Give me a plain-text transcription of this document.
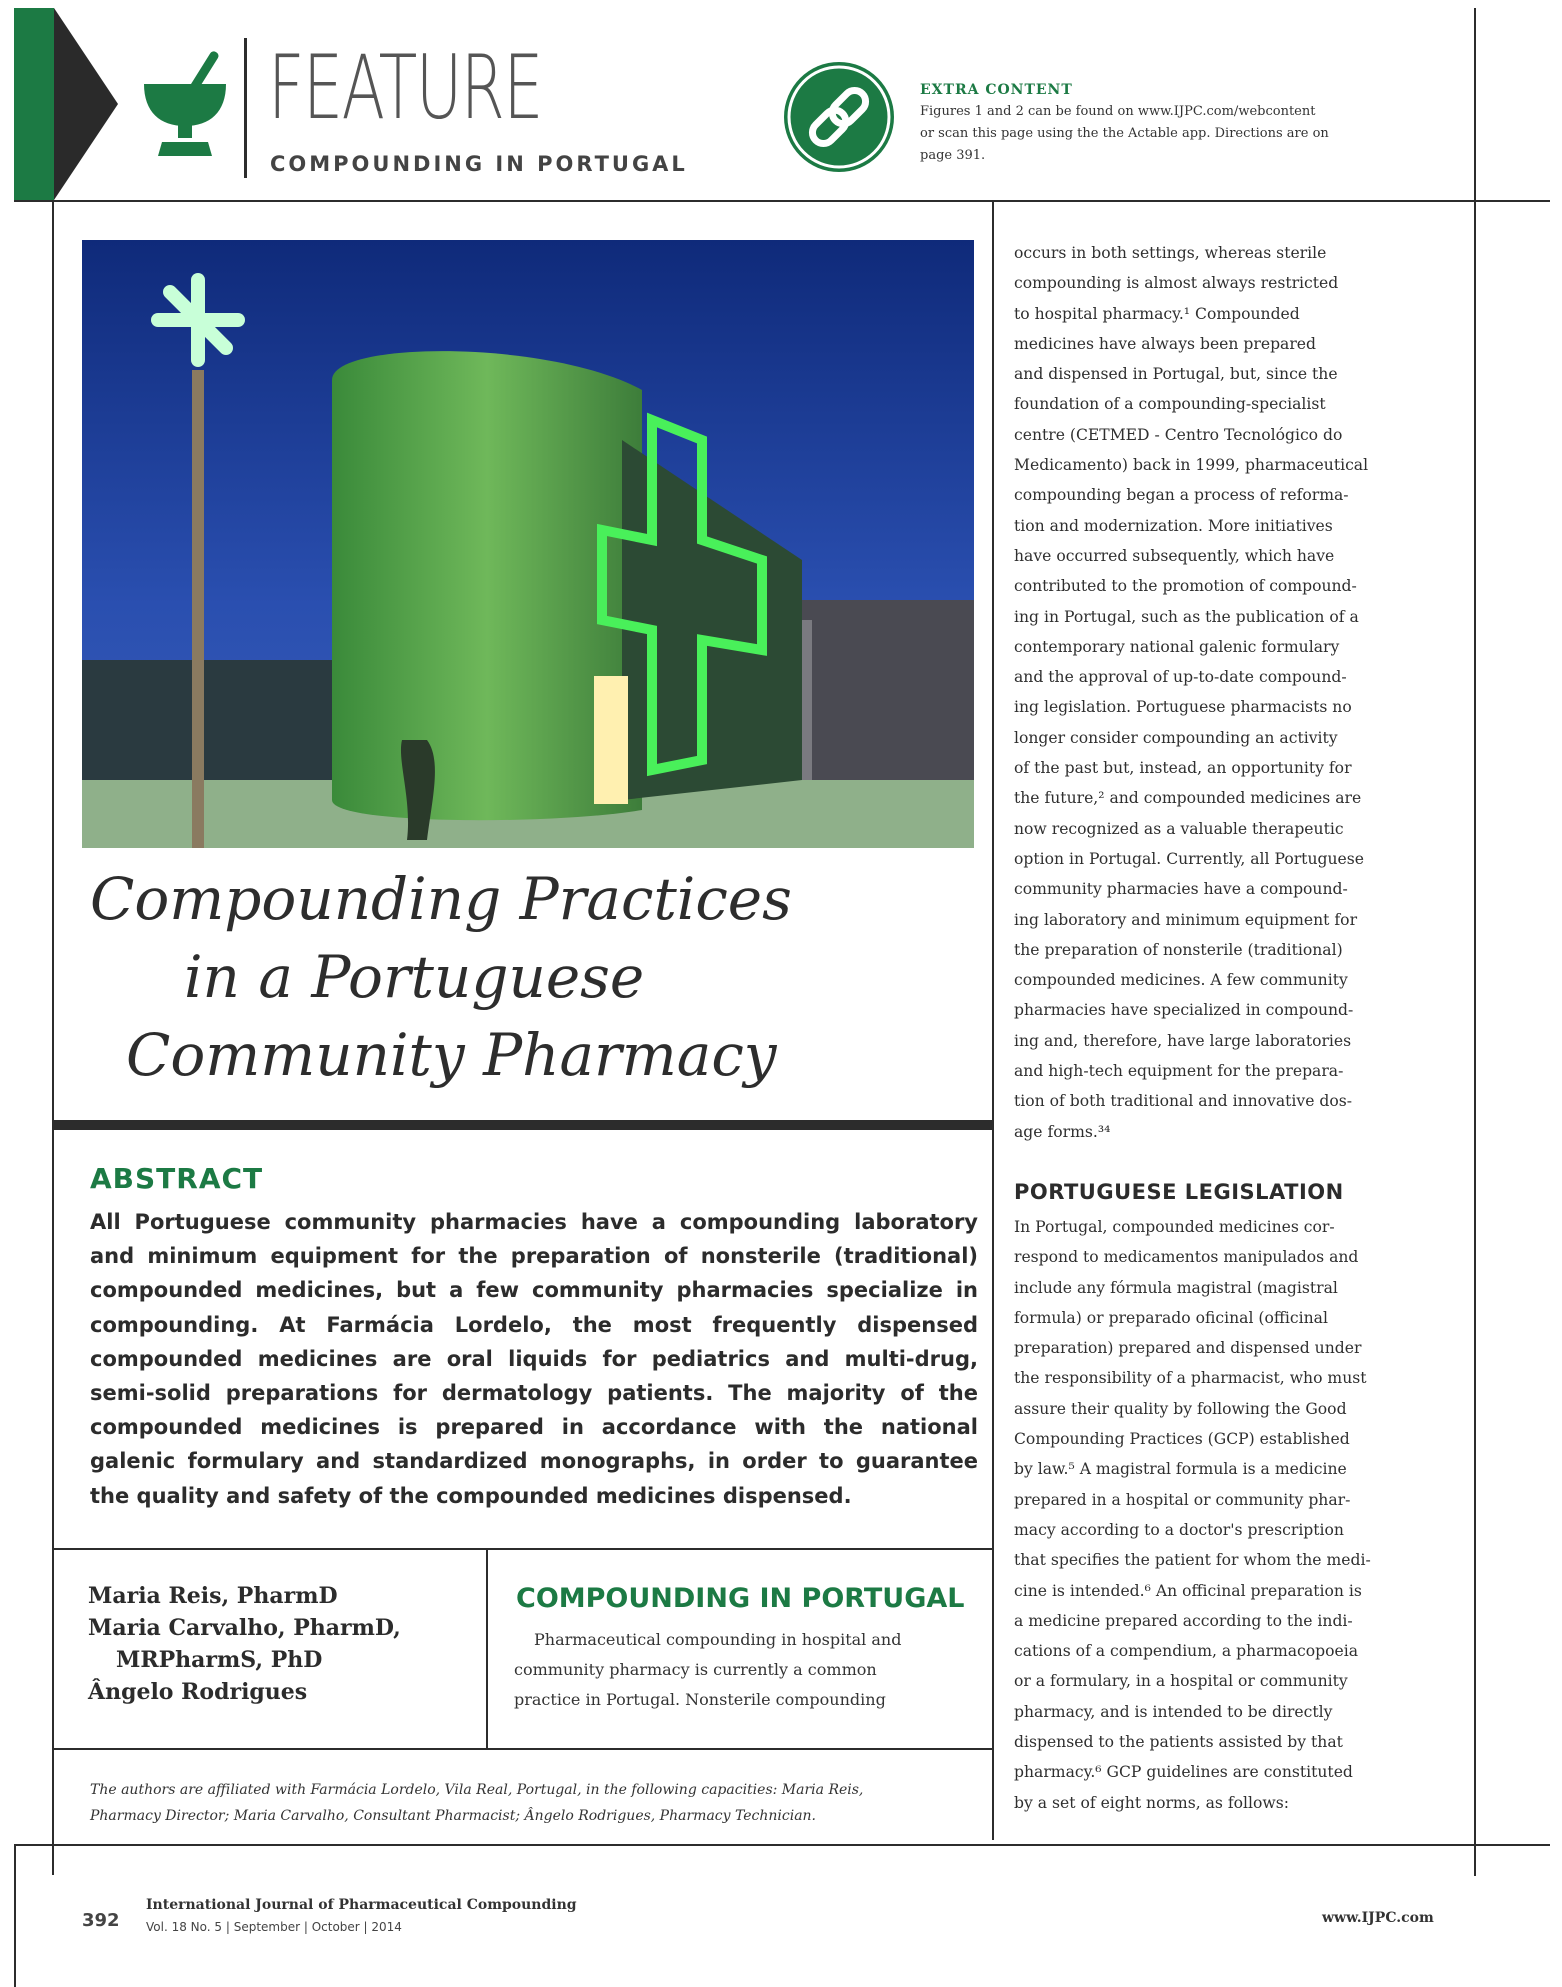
FEATURE
COMPOUNDING IN PORTUGAL
EXTRA CONTENT
Figures 1 and 2 can be found on www.IJPC.com/webcontent
or scan this page using the the Actable app. Directions are on
page 391.
Compounding Practices
in a Portuguese
Community Pharmacy
ABSTRACT
All Portuguese community pharmacies have a compounding laboratory and minimum equipment for the preparation of nonsterile (traditional) compounded medicines, but a few community pharmacies specialize in compounding. At Farmácia Lordelo, the most frequently dispensed compounded medicines are oral liquids for pediatrics and multi-drug, semi-solid preparations for dermatology patients. The majority of the compounded medicines is prepared in accordance with the national galenic formulary and standardized monographs, in order to guarantee the quality and safety of the compounded medicines dispensed.
Maria Reis, PharmD
Maria Carvalho, PharmD,
MRPharmS, PhD
Ângelo Rodrigues
COMPOUNDING IN PORTUGAL
Pharmaceutical compounding in hospital and
community pharmacy is currently a common
practice in Portugal. Nonsterile compounding
The authors are affiliated with Farmácia Lordelo, Vila Real, Portugal, in the following capacities: Maria Reis,
Pharmacy Director; Maria Carvalho, Consultant Pharmacist; Ângelo Rodrigues, Pharmacy Technician.
occurs in both settings, whereas sterile
compounding is almost always restricted
to hospital pharmacy.¹ Compounded
medicines have always been prepared
and dispensed in Portugal, but, since the
foundation of a compounding-specialist
centre (CETMED - Centro Tecnológico do
Medicamento) back in 1999, pharmaceutical
compounding began a process of reforma-
tion and modernization. More initiatives
have occurred subsequently, which have
contributed to the promotion of compound-
ing in Portugal, such as the publication of a
contemporary national galenic formulary
and the approval of up-to-date compound-
ing legislation. Portuguese pharmacists no
longer consider compounding an activity
of the past but, instead, an opportunity for
the future,² and compounded medicines are
now recognized as a valuable therapeutic
option in Portugal. Currently, all Portuguese
community pharmacies have a compound-
ing laboratory and minimum equipment for
the preparation of nonsterile (traditional)
compounded medicines. A few community
pharmacies have specialized in compound-
ing and, therefore, have large laboratories
and high-tech equipment for the prepara-
tion of both traditional and innovative dos-
age forms.³⁴
PORTUGUESE LEGISLATION
In Portugal, compounded medicines cor-
respond to medicamentos manipulados and
include any fórmula magistral (magistral
formula) or preparado oficinal (officinal
preparation) prepared and dispensed under
the responsibility of a pharmacist, who must
assure their quality by following the Good
Compounding Practices (GCP) established
by law.⁵ A magistral formula is a medicine
prepared in a hospital or community phar-
macy according to a doctor's prescription
that specifies the patient for whom the medi-
cine is intended.⁶ An officinal preparation is
a medicine prepared according to the indi-
cations of a compendium, a pharmacopoeia
or a formulary, in a hospital or community
pharmacy, and is intended to be directly
dispensed to the patients assisted by that
pharmacy.⁶ GCP guidelines are constituted
by a set of eight norms, as follows:
392
International Journal of Pharmaceutical Compounding
Vol. 18 No. 5 | September | October | 2014
www.IJPC.com
